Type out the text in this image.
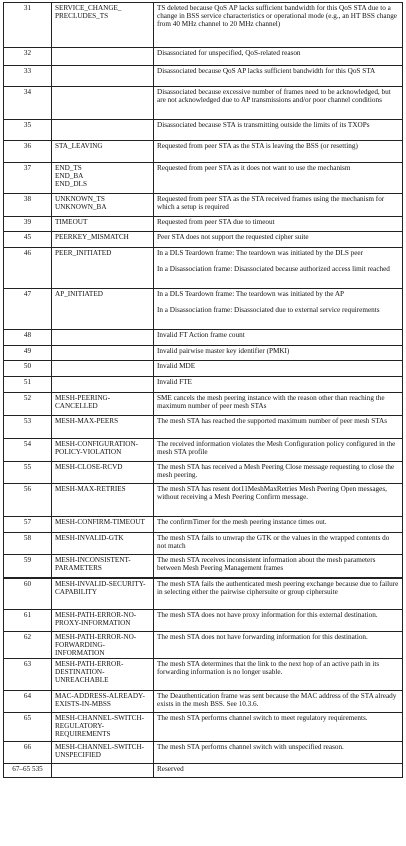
31	SERVICE_CHANGE_
PRECLUDES_TS	TS deleted because QoS AP lacks sufficient bandwidth for this QoS STA due to a change in BSS service characteristics or operational mode (e.g., an HT BSS change from 40 MHz channel to 20 MHz channel)

32		Disassociated for unspecified, QoS-related reason

33		Disassociated because QoS AP lacks sufficient bandwidth for this QoS STA

34		Disassociated because excessive number of frames need to be acknowledged, but are not acknowledged due to AP transmissions and/or poor channel conditions

35		Disassociated because STA is transmitting outside the limits of its TXOPs

36	STA_LEAVING	Requested from peer STA as the STA is leaving the BSS (or resetting)

37	END_TS
END_BA
END_DLS	Requested from peer STA as it does not want to use the mechanism

38	UNKNOWN_TS
UNKNOWN_BA	Requested from peer STA as the STA received frames using the mechanism for which a setup is required

39	TIMEOUT	Requested from peer STA due to timeout

45	PEERKEY_MISMATCH	Peer STA does not support the requested cipher suite

46	PEER_INITIATED	In a DLS Teardown frame: The teardown was initiated by the DLS peer
In a Disassociation frame: Disassociated because authorized access limit reached

47	AP_INITIATED	In a DLS Teardown frame: The teardown was initiated by the AP
In a Disassociation frame: Disassociated due to external service requirements

48		Invalid FT Action frame count

49		Invalid pairwise master key identifier (PMKI)

50		Invalid MDE

51		Invalid FTE

52	MESH-PEERING-CANCELLED	SME cancels the mesh peering instance with the reason other than reaching the maximum number of peer mesh STAs

53	MESH-MAX-PEERS	The mesh STA has reached the supported maximum number of peer mesh STAs

54	MESH-CONFIGURATION-
POLICY-VIOLATION	The received information violates the Mesh Configuration policy configured in the mesh STA profile

55	MESH-CLOSE-RCVD	The mesh STA has received a Mesh Peering Close message requesting to close the mesh peering.

56	MESH-MAX-RETRIES	The mesh STA has resent dot11MeshMaxRetries Mesh Peering Open messages, without receiving a Mesh Peering Confirm message.

57	MESH-CONFIRM-TIMEOUT	The confirmTimer for the mesh peering instance times out.

58	MESH-INVALID-GTK	The mesh STA fails to unwrap the GTK or the values in the wrapped contents do not match

59	MESH-INCONSISTENT-
PARAMETERS	The mesh STA receives inconsistent information about the mesh parameters between Mesh Peering Management frames

60	MESH-INVALID-SECURITY-
CAPABILITY	The mesh STA fails the authenticated mesh peering exchange because due to failure in selecting either the pairwise ciphersuite or group ciphersuite

61	MESH-PATH-ERROR-NO-
PROXY-INFORMATION	The mesh STA does not have proxy information for this external destination.

62	MESH-PATH-ERROR-NO-
FORWARDING-INFORMATION	The mesh STA does not have forwarding information for this destination.

63	MESH-PATH-ERROR-
DESTINATION-
UNREACHABLE	The mesh STA determines that the link to the next hop of an active path in its forwarding information is no longer usable.

64	MAC-ADDRESS-ALREADY-
EXISTS-IN-MBSS	The Deauthentication frame was sent because the MAC address of the STA already exists in the mesh BSS. See 10.3.6.

65	MESH-CHANNEL-SWITCH-
REGULATORY-
REQUIREMENTS	The mesh STA performs channel switch to meet regulatory requirements.

66	MESH-CHANNEL-SWITCH-
UNSPECIFIED	The mesh STA performs channel switch with unspecified reason.

67–65 535		Reserved
